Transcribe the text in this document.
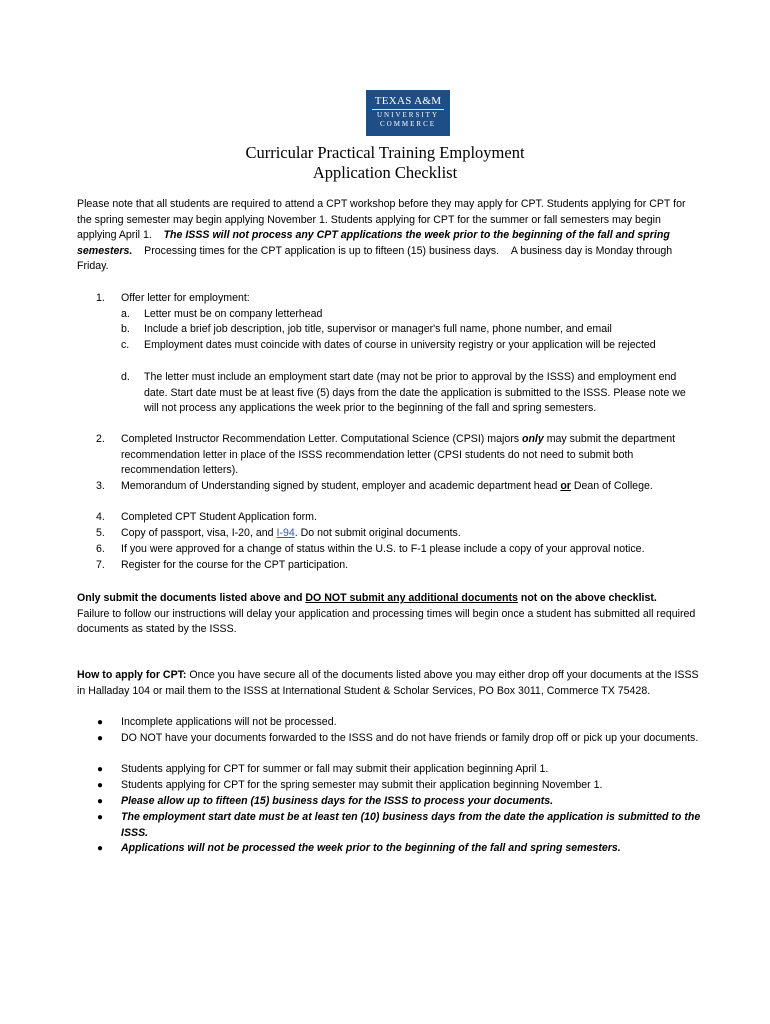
TEXAS A&M
UNIVERSITY
COMMERCE
Curricular Practical Training Employment
Application Checklist
Please note that all students are required to attend a CPT workshop before they may apply for CPT. Students applying for CPT for the spring semester may begin applying November 1. Students applying for CPT for the summer or fall semesters may begin applying April 1. The ISSS will not process any CPT applications the week prior to the beginning of the fall and spring semesters. Processing times for the CPT application is up to fifteen (15) business days. A business day is Monday through Friday.
1. Offer letter for employment:
a. Letter must be on company letterhead
b. Include a brief job description, job title, supervisor or manager's full name, phone number, and email
c. Employment dates must coincide with dates of course in university registry or your application will be rejected
d. The letter must include an employment start date (may not be prior to approval by the ISSS) and employment end date. Start date must be at least five (5) days from the date the application is submitted to the ISSS. Please note we will not process any applications the week prior to the beginning of the fall and spring semesters.
2. Completed Instructor Recommendation Letter. Computational Science (CPSI) majors only may submit the department recommendation letter in place of the ISSS recommendation letter (CPSI students do not need to submit both recommendation letters).
3. Memorandum of Understanding signed by student, employer and academic department head or Dean of College.
4. Completed CPT Student Application form.
5. Copy of passport, visa, I-20, and I-94. Do not submit original documents.
6. If you were approved for a change of status within the U.S. to F-1 please include a copy of your approval notice.
7. Register for the course for the CPT participation.
Only submit the documents listed above and DO NOT submit any additional documents not on the above checklist.
Failure to follow our instructions will delay your application and processing times will begin once a student has submitted all required documents as stated by the ISSS.
How to apply for CPT: Once you have secure all of the documents listed above you may either drop off your documents at the ISSS in Halladay 104 or mail them to the ISSS at International Student & Scholar Services, PO Box 3011, Commerce TX 75428.
● Incomplete applications will not be processed.
● DO NOT have your documents forwarded to the ISSS and do not have friends or family drop off or pick up your documents.
● Students applying for CPT for summer or fall may submit their application beginning April 1.
● Students applying for CPT for the spring semester may submit their application beginning November 1.
● Please allow up to fifteen (15) business days for the ISSS to process your documents.
● The employment start date must be at least ten (10) business days from the date the application is submitted to the ISSS.
● Applications will not be processed the week prior to the beginning of the fall and spring semesters.
